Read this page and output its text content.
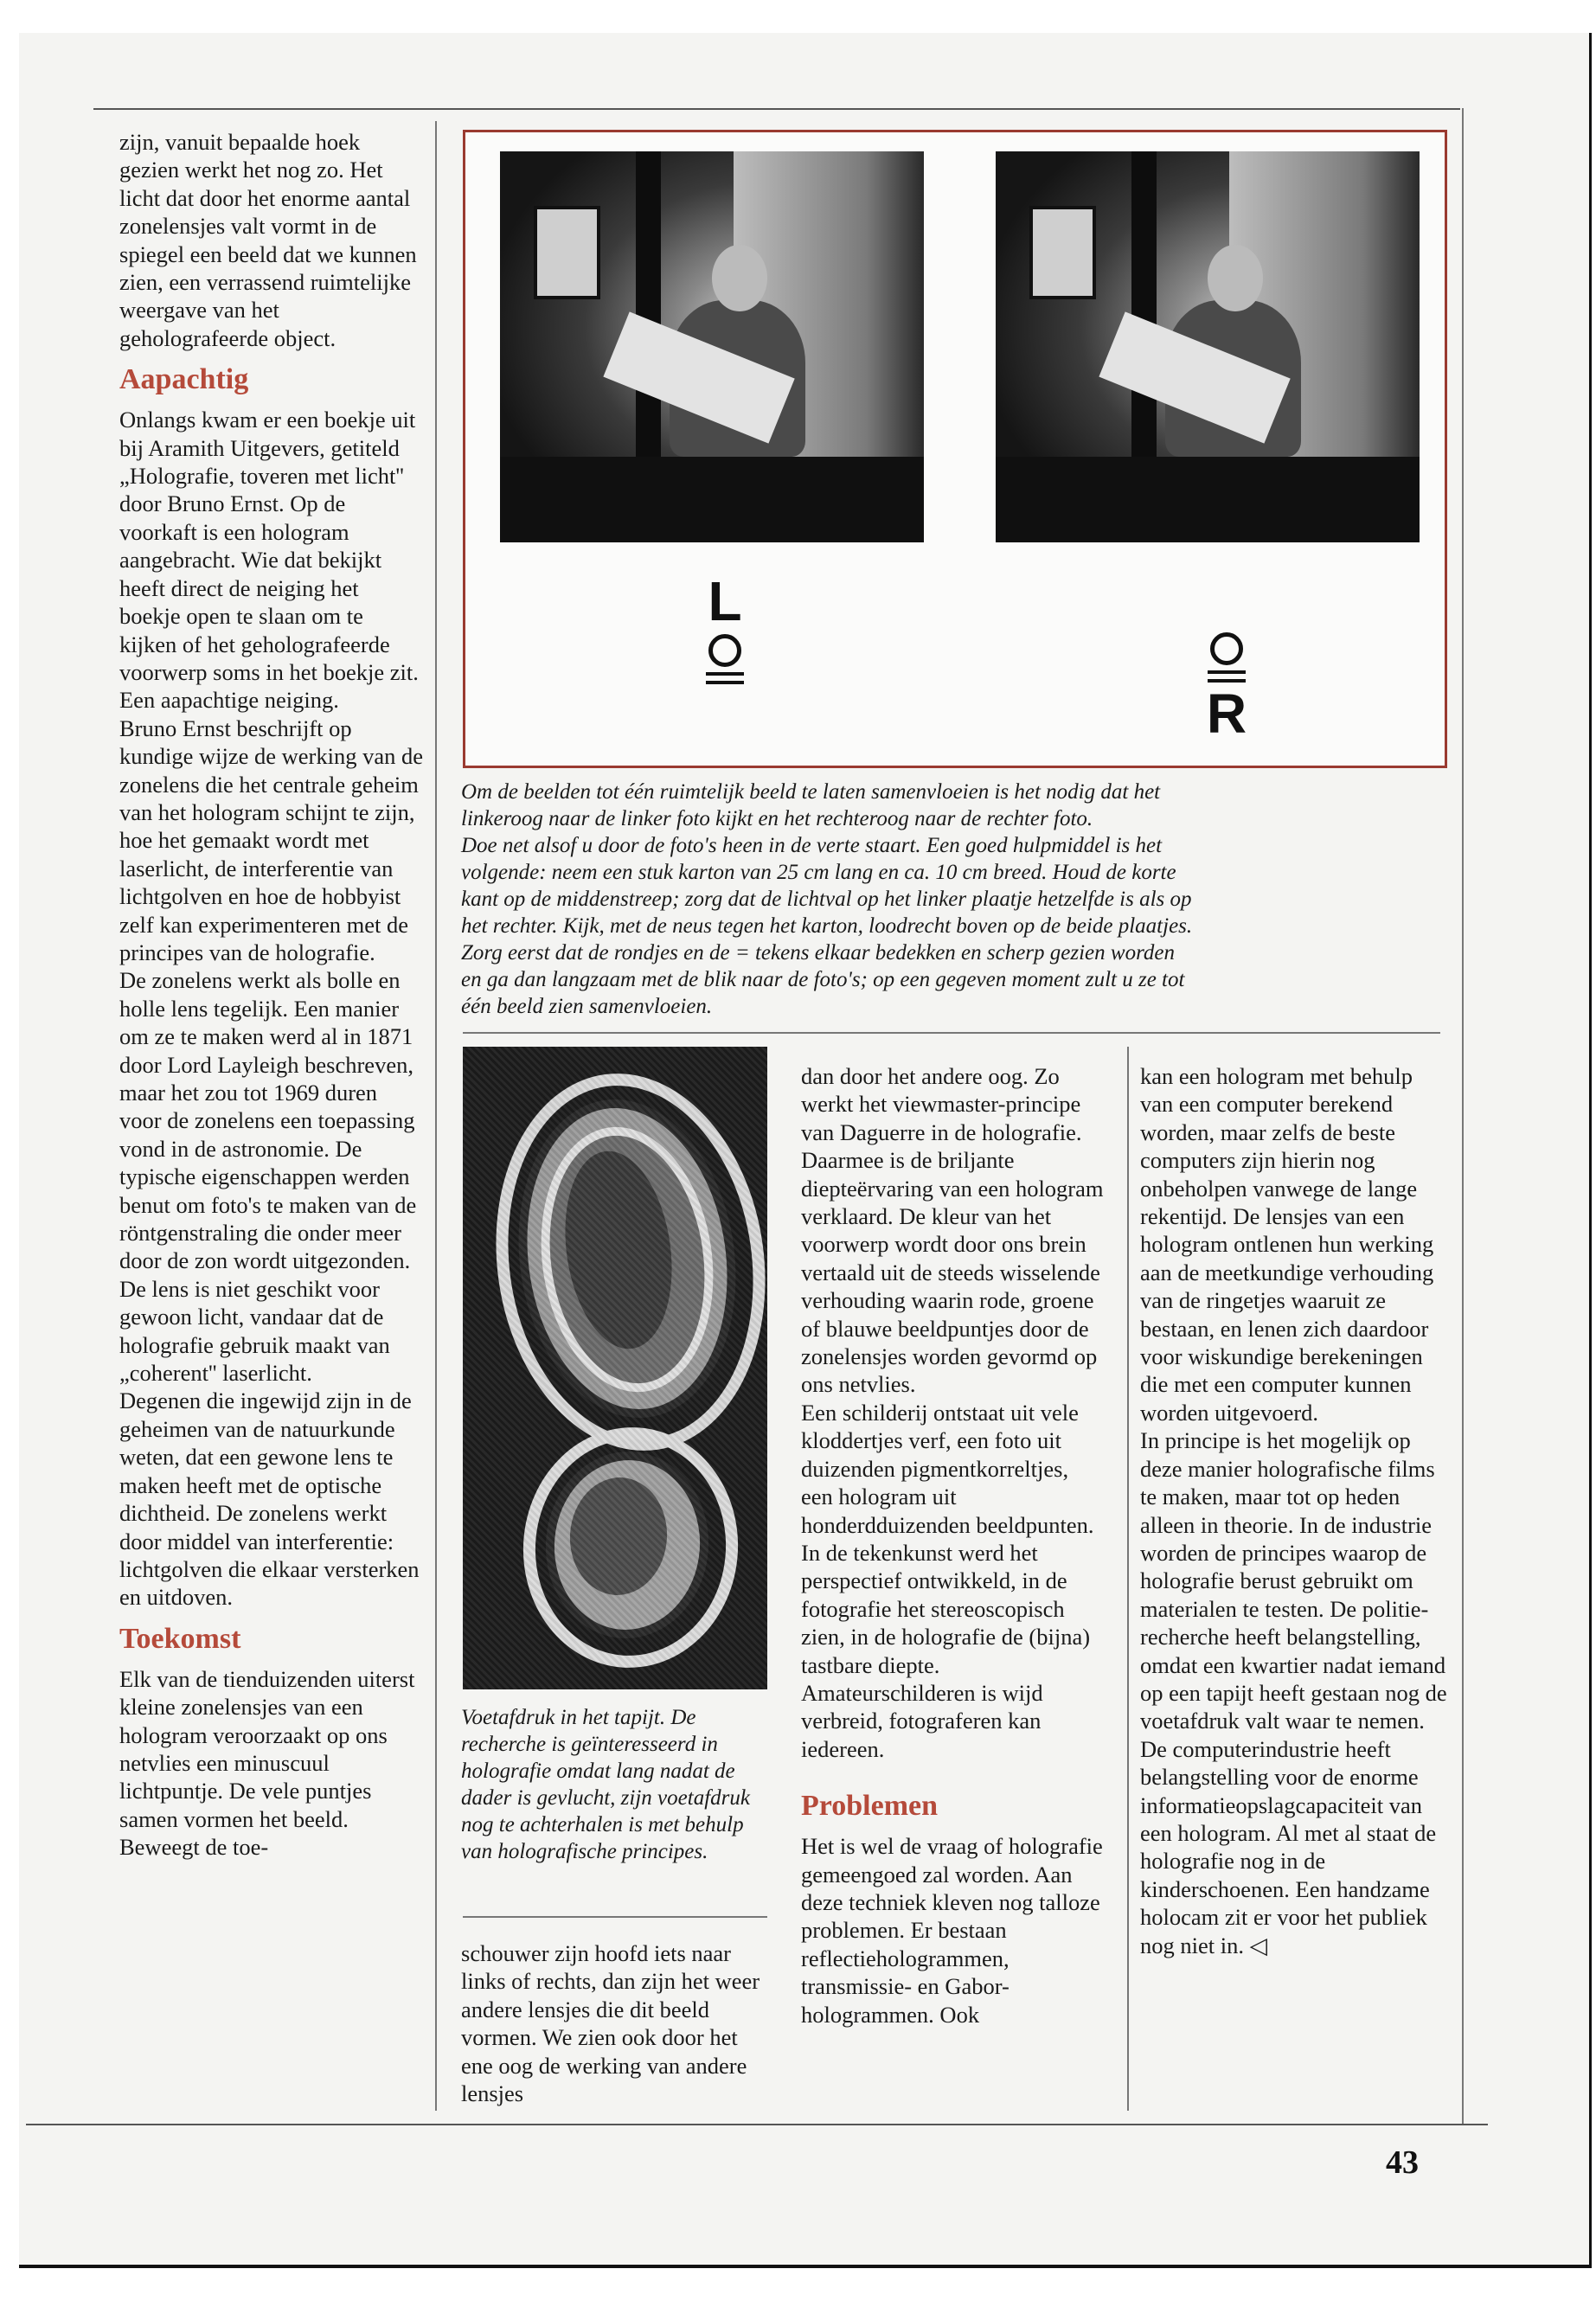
zijn, vanuit bepaalde hoek gezien werkt het nog zo. Het licht dat door het enorme aantal zonelensjes valt vormt in de spiegel een beeld dat we kunnen zien, een verrassend ruimtelijke weergave van het geholografeerde object.

Aapachtig

Onlangs kwam er een boekje uit bij Aramith Uitgevers, getiteld „Holografie, toveren met licht'' door Bruno Ernst. Op de voorkaft is een hologram aangebracht. Wie dat bekijkt heeft direct de neiging het boekje open te slaan om te kijken of het geholografeerde voorwerp soms in het boekje zit. Een aapachtige neiging.

Bruno Ernst beschrijft op kundige wijze de werking van de zonelens die het centrale geheim van het hologram schijnt te zijn, hoe het gemaakt wordt met laserlicht, de interferentie van lichtgolven en hoe de hobbyist zelf kan experimenteren met de principes van de holografie.

De zonelens werkt als bolle en holle lens tegelijk. Een manier om ze te maken werd al in 1871 door Lord Layleigh beschreven, maar het zou tot 1969 duren voor de zonelens een toepassing vond in de astronomie. De typische eigenschappen werden benut om foto's te maken van de röntgenstraling die onder meer door de zon wordt uitgezonden. De lens is niet geschikt voor gewoon licht, vandaar dat de holografie gebruik maakt van „coherent'' laserlicht.

Degenen die ingewijd zijn in de geheimen van de natuurkunde weten, dat een gewone lens te maken heeft met de optische dichtheid. De zonelens werkt door middel van interferentie: lichtgolven die elkaar versterken en uitdoven.

Toekomst

Elk van de tienduizenden uiterst kleine zonelensjes van een hologram veroorzaakt op ons netvlies een minuscuul lichtpuntje. De vele puntjes samen vormen het beeld. Beweegt de toe-

L
R

Om de beelden tot één ruimtelijk beeld te laten samenvloeien is het nodig dat het

linkeroog naar de linker foto kijkt en het rechteroog naar de rechter foto.

Doe net alsof u door de foto's heen in de verte staart. Een goed hulpmiddel is het

volgende: neem een stuk karton van 25 cm lang en ca. 10 cm breed. Houd de korte

kant op de middenstreep; zorg dat de lichtval op het linker plaatje hetzelfde is als op

het rechter. Kijk, met de neus tegen het karton, loodrecht boven op de beide plaatjes.

Zorg eerst dat de rondjes en de = tekens elkaar bedekken en scherp gezien worden

en ga dan langzaam met de blik naar de foto's; op een gegeven moment zult u ze tot

één beeld zien samenvloeien.

Voetafdruk in het tapijt. De recherche is geïnteresseerd in holografie omdat lang nadat de dader is gevlucht, zijn voetafdruk nog te achterhalen is met behulp van holografische principes.

schouwer zijn hoofd iets naar links of rechts, dan zijn het weer andere lensjes die dit beeld vormen. We zien ook door het ene oog de werking van andere lensjes

dan door het andere oog. Zo werkt het viewmaster-principe van Daguerre in de holografie. Daarmee is de briljante diepteërvaring van een hologram verklaard. De kleur van het voorwerp wordt door ons brein vertaald uit de steeds wisselende verhouding waarin rode, groene of blauwe beeldpuntjes door de zonelensjes worden gevormd op ons netvlies.

Een schilderij ontstaat uit vele kloddertjes verf, een foto uit duizenden pigmentkorreltjes, een hologram uit honderdduizenden beeldpunten. In de tekenkunst werd het perspectief ontwikkeld, in de fotografie het stereoscopisch zien, in de holografie de (bijna) tastbare diepte. Amateurschilderen is wijd verbreid, fotograferen kan iedereen.

Problemen

Het is wel de vraag of holografie gemeengoed zal worden. Aan deze techniek kleven nog talloze problemen. Er bestaan reflectiehologrammen, transmissie- en Gabor-hologrammen. Ook

kan een hologram met behulp van een computer berekend worden, maar zelfs de beste computers zijn hierin nog onbeholpen vanwege de lange rekentijd. De lensjes van een hologram ontlenen hun werking aan de meetkundige verhouding van de ringetjes waaruit ze bestaan, en lenen zich daardoor voor wiskundige berekeningen die met een computer kunnen worden uitgevoerd.

In principe is het mogelijk op deze manier holografische films te maken, maar tot op heden alleen in theorie. In de industrie worden de principes waarop de holografie berust gebruikt om materialen te testen. De politie-recherche heeft belangstelling, omdat een kwartier nadat iemand op een tapijt heeft gestaan nog de voetafdruk valt waar te nemen.

De computerindustrie heeft belangstelling voor de enorme informatieopslagcapaciteit van een hologram. Al met al staat de holografie nog in de kinderschoenen. Een handzame holocam zit er voor het publiek nog niet in. ◁

43
